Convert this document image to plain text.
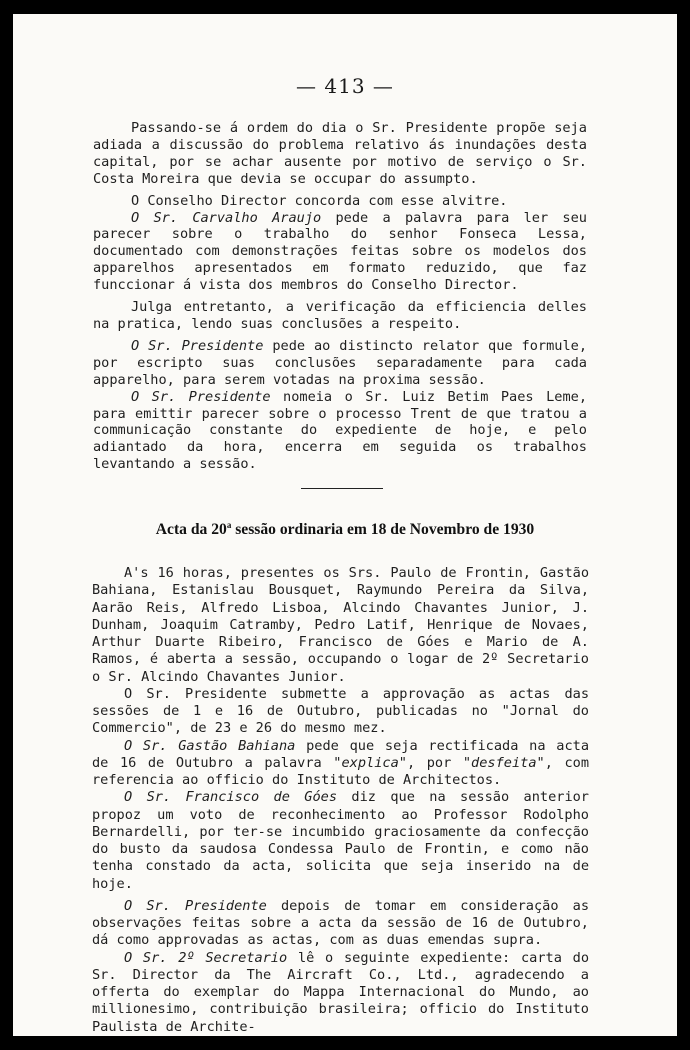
— 413 —

Passando-se á ordem do dia o Sr. Presidente propõe seja adiada a discussão do problema relativo ás inundações desta capital, por se achar ausente por motivo de serviço o Sr. Costa Moreira que devia se occupar do assumpto.

O Conselho Director concorda com esse alvitre.

O Sr. Carvalho Araujo pede a palavra para ler seu parecer sobre o trabalho do senhor Fonseca Lessa, documentado com demonstrações feitas sobre os modelos dos apparelhos apresentados em formato reduzido, que faz funccionar á vista dos membros do Conselho Director.

Julga entretanto, a verificação da efficiencia delles na pratica, lendo suas conclusões a respeito.

O Sr. Presidente pede ao distincto relator que formule, por escripto suas conclusões separadamente para cada apparelho, para serem votadas na proxima sessão.

O Sr. Presidente nomeia o Sr. Luiz Betim Paes Leme, para emittir parecer sobre o processo Trent de que tratou a communicação constante do expediente de hoje, e pelo adiantado da hora, encerra em seguida os trabalhos levantando a sessão.

Acta da 20$^a$ sessão ordinaria em 18 de Novembro de 1930

A's 16 horas, presentes os Srs. Paulo de Frontin, Gastão Bahiana, Estanislau Bousquet, Raymundo Pereira da Silva, Aarão Reis, Alfredo Lisboa, Alcindo Chavantes Junior, J. Dunham, Joaquim Catramby, Pedro Latif, Henrique de Novaes, Arthur Duarte Ribeiro, Francisco de Góes e Mario de A. Ramos, é aberta a sessão, occupando o logar de 2º Secretario o Sr. Alcindo Chavantes Junior.

O Sr. Presidente submette a approvação as actas das sessões de 1 e 16 de Outubro, publicadas no "Jornal do Commercio", de 23 e 26 do mesmo mez.

O Sr. Gastão Bahiana pede que seja rectificada na acta de 16 de Outubro a palavra "explica", por "desfeita", com referencia ao officio do Instituto de Architectos.

O Sr. Francisco de Góes diz que na sessão anterior propoz um voto de reconhecimento ao Professor Rodolpho Bernardelli, por ter-se incumbido graciosamente da confecção do busto da saudosa Condessa Paulo de Frontin, e como não tenha constado da acta, solicita que seja inserido na de hoje.

O Sr. Presidente depois de tomar em consideração as observações feitas sobre a acta da sessão de 16 de Outubro, dá como approvadas as actas, com as duas emendas supra.

O Sr. 2º Secretario lê o seguinte expediente: carta do Sr. Director da The Aircraft Co., Ltd., agradecendo a offerta do exemplar do Mappa Internacional do Mundo, ao millionesimo, contribuição brasileira; officio do Instituto Paulista de Archite-
